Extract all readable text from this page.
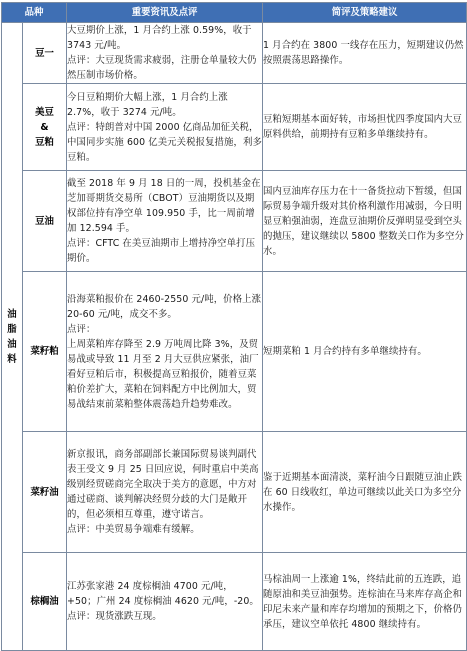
品种		重要资讯及点评	简评及策略建议

油脂油料	豆一	大豆期价上涨，1 月合约上涨 0.59%，收于 3743 元/吨。
点评：大豆现货需求疲弱，注册仓单量较大仍然压制市场价格。	1 月合约在 3800 一线存在压力，短期建议仍然按照震荡思路操作。

	美豆
&
豆粕	今日豆粕期价大幅上涨，1 月合约上涨 2.7%，收于 3274 元/吨。
点评：特朗普对中国 2000 亿商品加征关税，中国同步实施 600 亿美元关税报复措施，利多豆粕。	豆粕短期基本面好转，市场担忧四季度国内大豆原料供给，前期持有豆粕多单继续持有。

	豆油	截至 2018 年 9 月 18 日的一周，投机基金在芝加哥期货交易所（CBOT）豆油期货以及期权部位持有净空单 109.950 手，比一周前增加 12.594 手。
点评：CFTC 在美豆油期市上增持净空单打压期价。	国内豆油库存压力在十一备货拉动下暂缓，但国际贸易争端升级对其价格利激作用减弱，今日明显豆粕强油弱，连盘豆油期价反弹明显受到空头的抛压，建议继续以 5800 整数关口作为多空分水。

	菜籽粕	沿海菜粕报价在 2460-2550 元/吨，价格上涨 20-60 元/吨，成交不多。
点评：
上周菜粕库存降至 2.9 万吨周比降 3%，及贸易战或导致 11 月至 2 月大豆供应紧张，油厂看好豆粕后市，积极提高豆粕报价，随着豆菜粕价差扩大，菜粕在饲料配方中比例加大，贸易战结束前菜粕整体震荡趋升趋势难改。	短期菜粕 1 月合约持有多单继续持有。

	菜籽油	新京报讯，商务部副部长兼国际贸易谈判副代表王受文 9 月 25 日回应说，何时重启中美高级别经贸磋商完全取决于美方的意愿，中方对通过磋商、谈判解决经贸分歧的大门是敞开的，但必须相互尊重，遵守诺言。
点评：中美贸易争端难有缓解。	鉴于近期基本面清淡，菜籽油今日跟随豆油止跌在 60 日线收红，单边可继续以此关口为多空分水操作。

	棕榈油	江苏张家港 24 度棕榈油 4700 元/吨，+50；广州 24 度棕榈油 4620 元/吨，-20。
点评：现货涨跌互现。	马棕油周一上涨逾 1%，终结此前的五连跌，追随原油和美豆油强势。连棕油在马来库存高企和印尼未来产量和库存均增加的预期之下，价格仍承压，建议空单依托 4800 继续持有。
